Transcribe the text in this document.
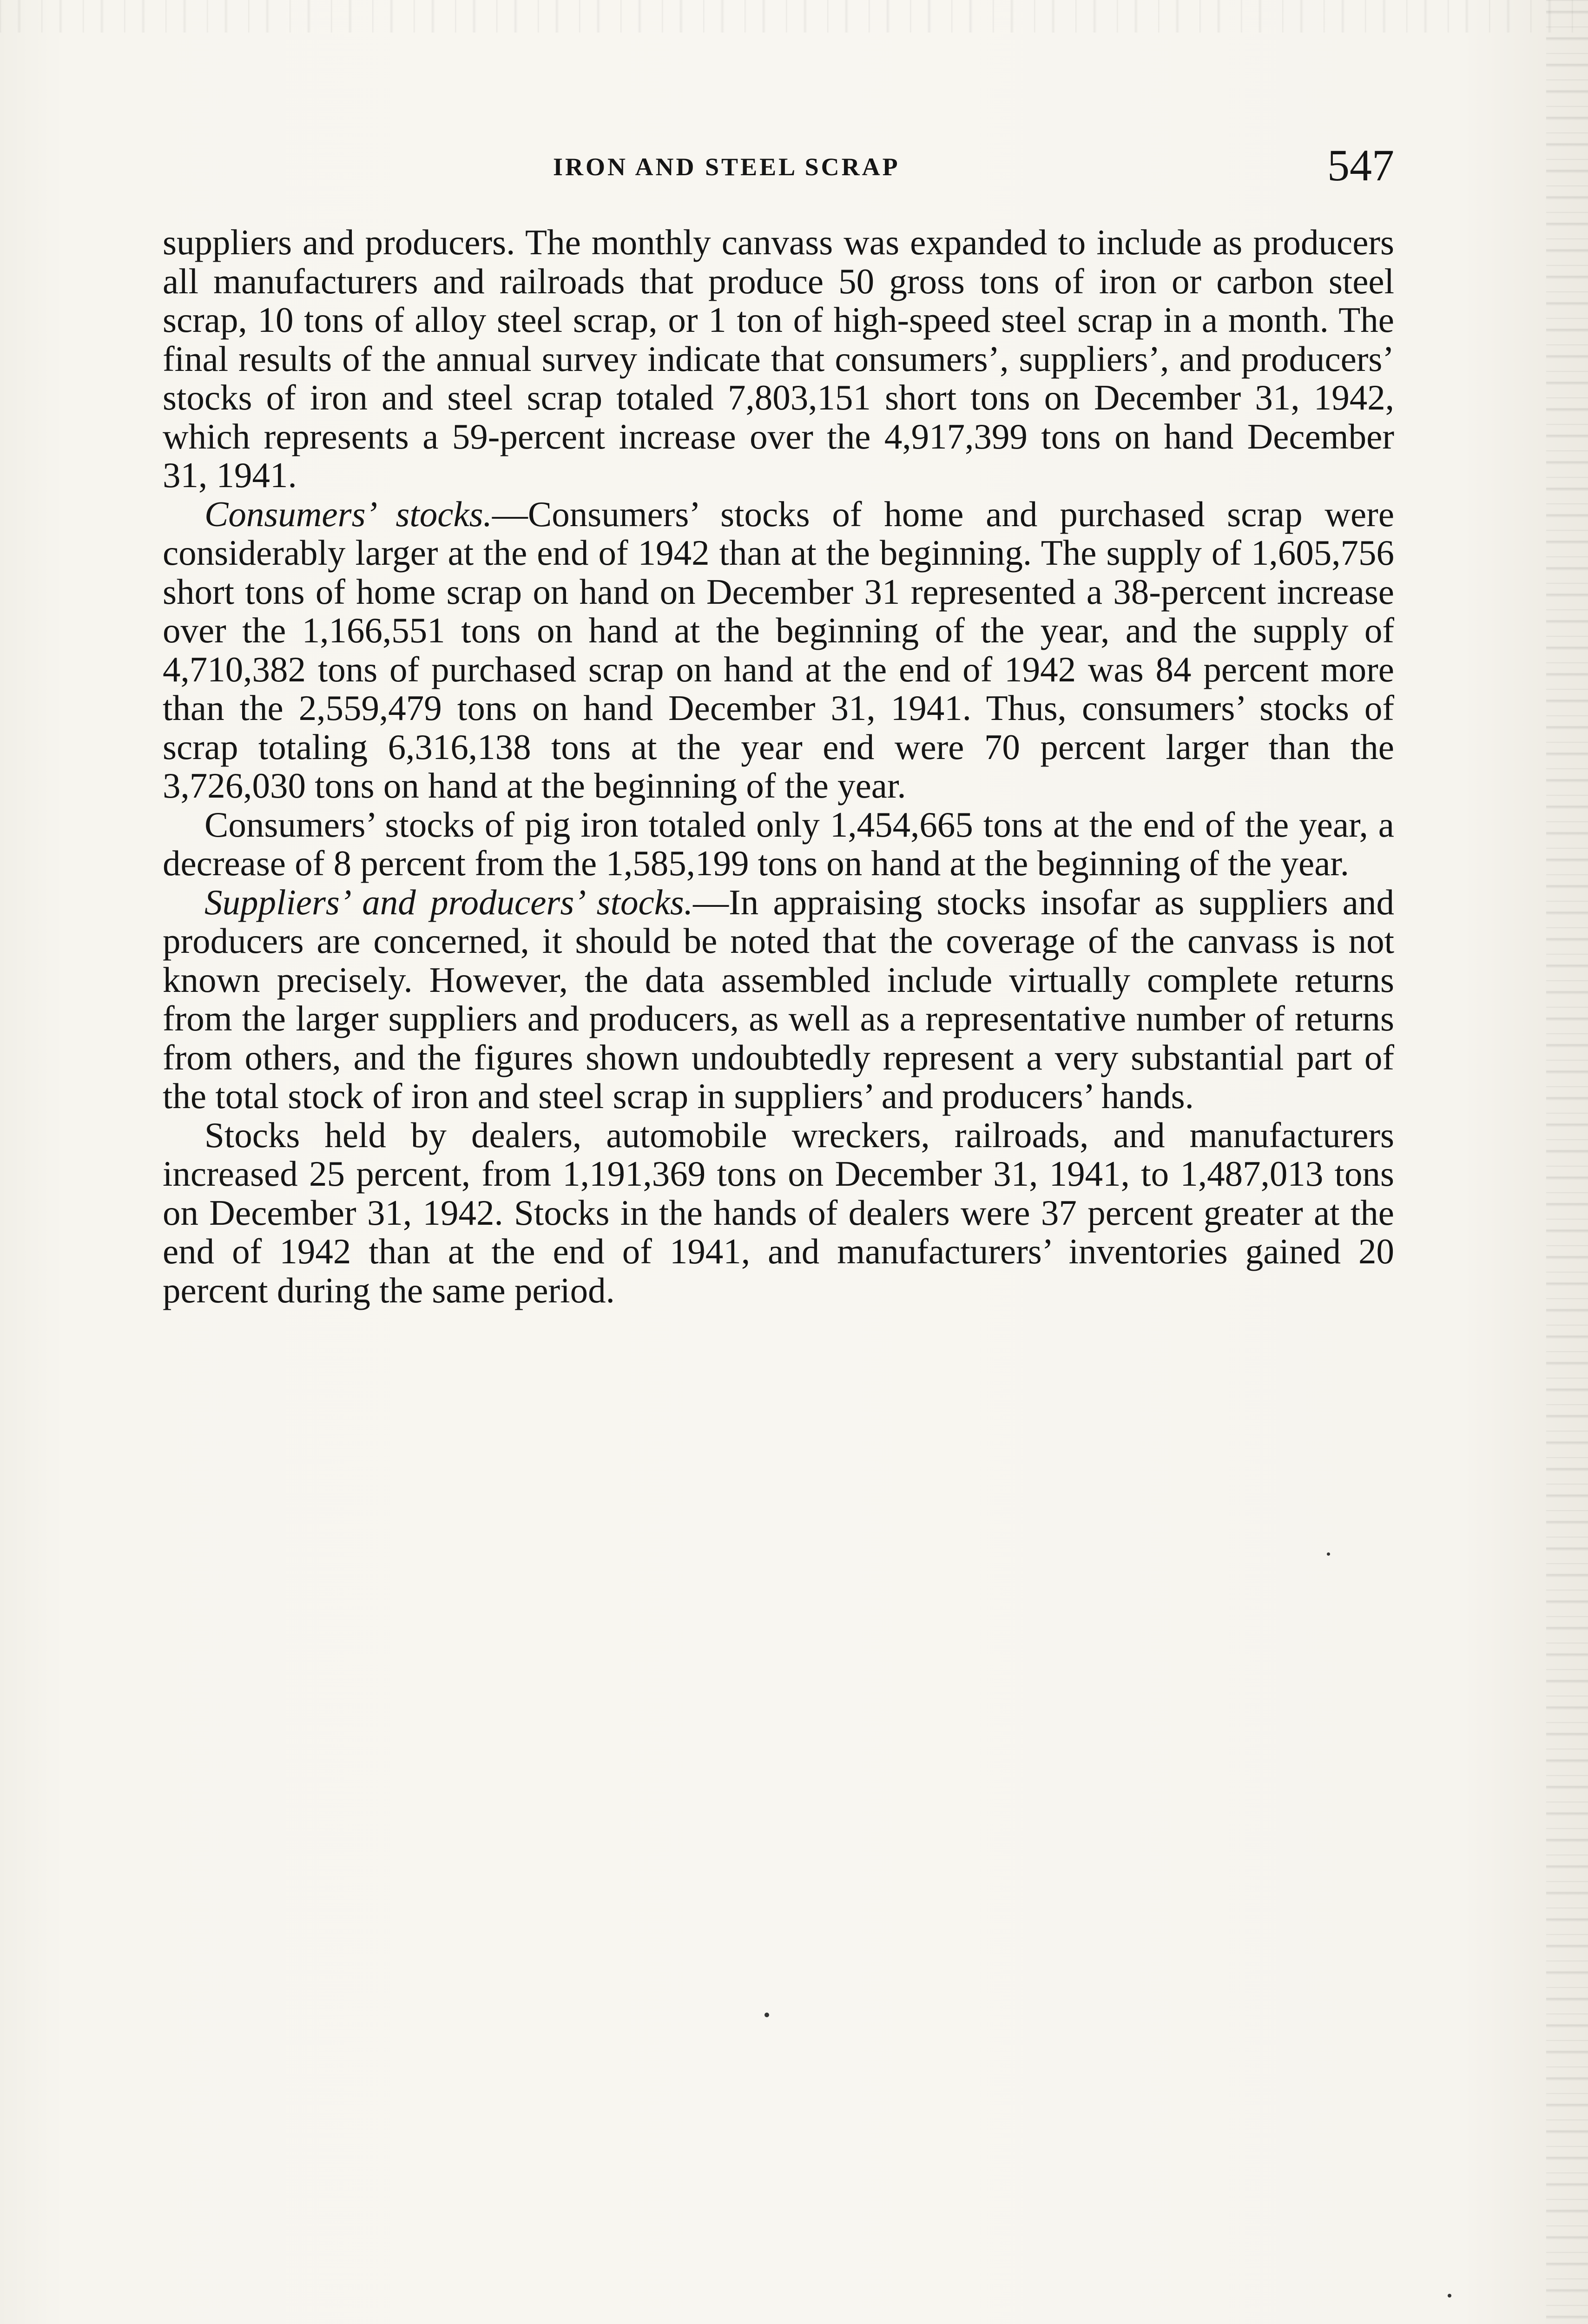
IRON AND STEEL SCRAP	547

suppliers and producers. The monthly canvass was expanded to include as producers all manufacturers and railroads that produce 50 gross tons of iron or carbon steel scrap, 10 tons of alloy steel scrap, or 1 ton of high-speed steel scrap in a month. The final results of the annual survey indicate that consumers’, suppliers’, and producers’ stocks of iron and steel scrap totaled 7,803,151 short tons on December 31, 1942, which represents a 59-percent increase over the 4,917,399 tons on hand December 31, 1941.

Consumers’ stocks.—Consumers’ stocks of home and purchased scrap were considerably larger at the end of 1942 than at the beginning. The supply of 1,605,756 short tons of home scrap on hand on December 31 represented a 38-percent increase over the 1,166,551 tons on hand at the beginning of the year, and the supply of 4,710,382 tons of purchased scrap on hand at the end of 1942 was 84 percent more than the 2,559,479 tons on hand December 31, 1941. Thus, consumers’ stocks of scrap totaling 6,316,138 tons at the year end were 70 percent larger than the 3,726,030 tons on hand at the beginning of the year.

Consumers’ stocks of pig iron totaled only 1,454,665 tons at the end of the year, a decrease of 8 percent from the 1,585,199 tons on hand at the beginning of the year.

Suppliers’ and producers’ stocks.—In appraising stocks insofar as suppliers and producers are concerned, it should be noted that the coverage of the canvass is not known precisely. However, the data assembled include virtually complete returns from the larger suppliers and producers, as well as a representative number of returns from others, and the figures shown undoubtedly represent a very substantial part of the total stock of iron and steel scrap in suppliers’ and producers’ hands.

Stocks held by dealers, automobile wreckers, railroads, and manufacturers increased 25 percent, from 1,191,369 tons on December 31, 1941, to 1,487,013 tons on December 31, 1942. Stocks in the hands of dealers were 37 percent greater at the end of 1942 than at the end of 1941, and manufacturers’ inventories gained 20 percent during the same period.
